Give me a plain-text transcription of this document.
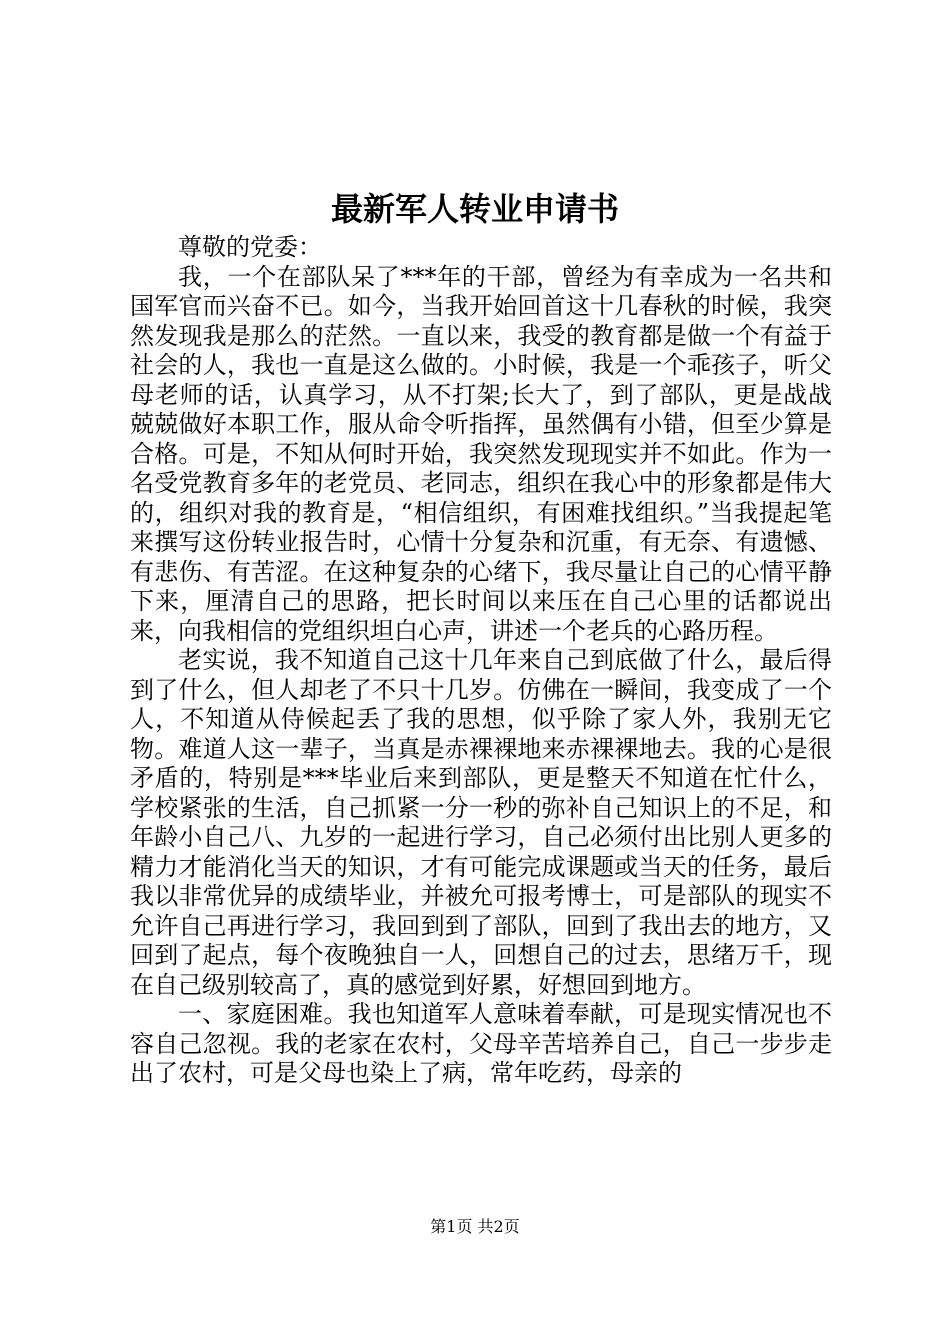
最新军人转业申请书

尊敬的党委：

我，一个在部队呆了***年的干部，曾经为有幸成为一名共和国军官而兴奋不已。如今，当我开始回首这十几春秋的时候，我突然发现我是那么的茫然。一直以来，我受的教育都是做一个有益于社会的人，我也一直是这么做的。小时候，我是一个乖孩子，听父母老师的话，认真学习，从不打架;长大了，到了部队，更是战战兢兢做好本职工作，服从命令听指挥，虽然偶有小错，但至少算是合格。可是，不知从何时开始，我突然发现现实并不如此。作为一名受党教育多年的老党员、老同志，组织在我心中的形象都是伟大的，组织对我的教育是，“相信组织，有困难找组织。”当我提起笔来撰写这份转业报告时，心情十分复杂和沉重，有无奈、有遗憾、有悲伤、有苦涩。在这种复杂的心绪下，我尽量让自己的心情平静下来，厘清自己的思路，把长时间以来压在自己心里的话都说出来，向我相信的党组织坦白心声，讲述一个老兵的心路历程。

老实说，我不知道自己这十几年来自己到底做了什么，最后得到了什么，但人却老了不只十几岁。仿佛在一瞬间，我变成了一个人，不知道从侍候起丢了我的思想，似乎除了家人外，我别无它物。难道人这一辈子，当真是赤裸裸地来赤裸裸地去。我的心是很矛盾的，特别是***毕业后来到部队，更是整天不知道在忙什么，学校紧张的生活，自己抓紧一分一秒的弥补自己知识上的不足，和年龄小自己八、九岁的一起进行学习，自己必须付出比别人更多的精力才能消化当天的知识，才有可能完成课题或当天的任务，最后我以非常优异的成绩毕业，并被允可报考博士，可是部队的现实不允许自己再进行学习，我回到到了部队，回到了我出去的地方，又回到了起点，每个夜晚独自一人，回想自己的过去，思绪万千，现在自己级别较高了，真的感觉到好累，好想回到地方。

一、家庭困难。我也知道军人意味着奉献，可是现实情况也不容自己忽视。我的老家在农村，父母辛苦培养自己，自己一步步走出了农村，可是父母也染上了病，常年吃药，母亲的

第1页 共2页
